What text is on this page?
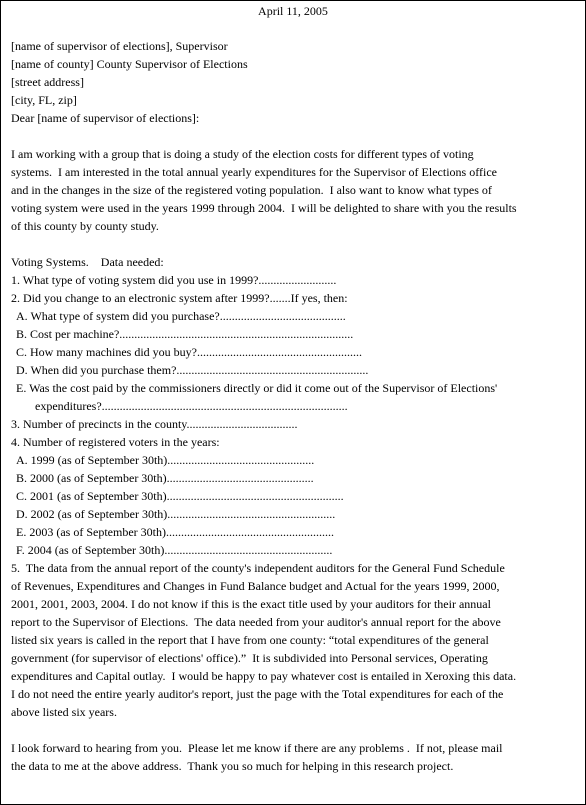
April 11, 2005
[name of supervisor of elections], Supervisor
[name of county] County Supervisor of Elections
[street address]
[city, FL, zip]
Dear [name of supervisor of elections]:
I am working with a group that is doing a study of the election costs for different types of voting
systems.  I am interested in the total annual yearly expenditures for the Supervisor of Elections office
and in the changes in the size of the registered voting population.  I also want to know what types of
voting system were used in the years 1999 through 2004.  I will be delighted to share with you the results
of this county by county study.
Voting Systems.    Data needed:
1. What type of voting system did you use in 1999?..........................
2. Did you change to an electronic system after 1999?.......If yes, then:
A. What type of system did you purchase?..........................................
B. Cost per machine?..............................................................................
C. How many machines did you buy?.......................................................
D. When did you purchase them?................................................................
E. Was the cost paid by the commissioners directly or did it come out of the Supervisor of Elections'
expenditures?..................................................................................
3. Number of precincts in the county.....................................
4. Number of registered voters in the years:
A. 1999 (as of September 30th).................................................
B. 2000 (as of September 30th).................................................
C. 2001 (as of September 30th)...........................................................
D. 2002 (as of September 30th)........................................................
E. 2003 (as of September 30th)........................................................
F. 2004 (as of September 30th)........................................................
5.  The data from the annual report of the county's independent auditors for the General Fund Schedule
of Revenues, Expenditures and Changes in Fund Balance budget and Actual for the years 1999, 2000,
2001, 2001, 2003, 2004. I do not know if this is the exact title used by your auditors for their annual
report to the Supervisor of Elections.  The data needed from your auditor's annual report for the above
listed six years is called in the report that I have from one county: “total expenditures of the general
government (for supervisor of elections' office).”  It is subdivided into Personal services, Operating
expenditures and Capital outlay.  I would be happy to pay whatever cost is entailed in Xeroxing this data.
I do not need the entire yearly auditor's report, just the page with the Total expenditures for each of the
above listed six years.
I look forward to hearing from you.  Please let me know if there are any problems .  If not, please mail
the data to me at the above address.  Thank you so much for helping in this research project.
